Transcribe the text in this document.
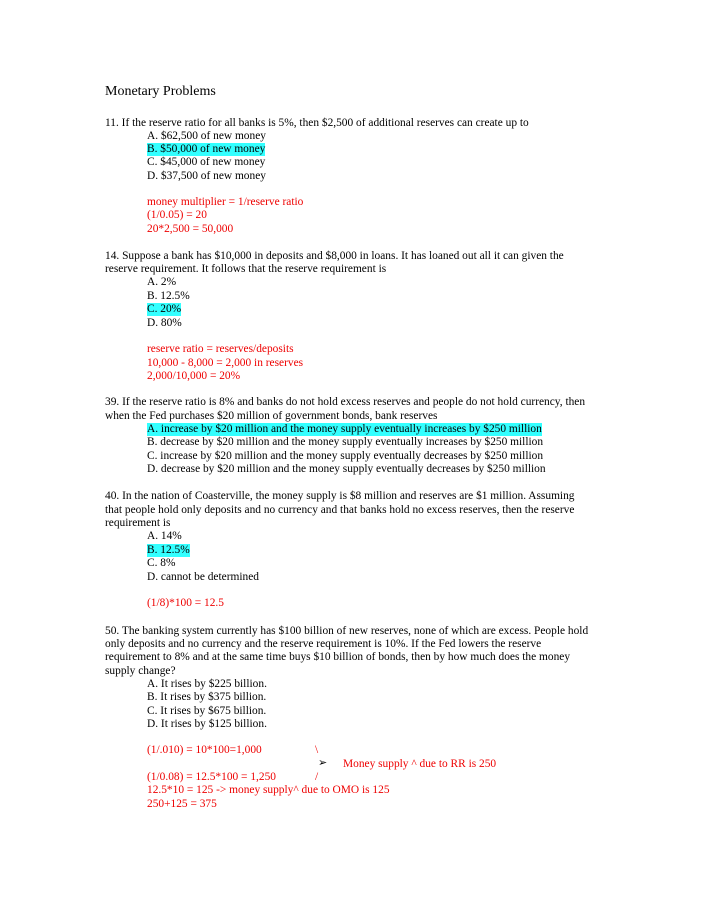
Monetary Problems
11. If the reserve ratio for all banks is 5%, then $2,500 of additional reserves can create up to
A. $62,500 of new money
B. $50,000 of new money
C. $45,000 of new money
D. $37,500 of new money
money multiplier = 1/reserve ratio
(1/0.05) = 20
20*2,500 = 50,000
14. Suppose a bank has $10,000 in deposits and $8,000 in loans. It has loaned out all it can given the
reserve requirement. It follows that the reserve requirement is
A. 2%
B. 12.5%
C. 20%
D. 80%
reserve ratio = reserves/deposits
10,000 - 8,000 = 2,000 in reserves
2,000/10,000 = 20%
39. If the reserve ratio is 8% and banks do not hold excess reserves and people do not hold currency, then
when the Fed purchases $20 million of government bonds, bank reserves
A. increase by $20 million and the money supply eventually increases by $250 million
B. decrease by $20 million and the money supply eventually increases by $250 million
C. increase by $20 million and the money supply eventually decreases by $250 million
D. decrease by $20 million and the money supply eventually decreases by $250 million
40. In the nation of Coasterville, the money supply is $8 million and reserves are $1 million. Assuming
that people hold only deposits and no currency and that banks hold no excess reserves, then the reserve
requirement is
A. 14%
B. 12.5%
C. 8%
D. cannot be determined
(1/8)*100 = 12.5
50. The banking system currently has $100 billion of new reserves, none of which are excess. People hold
only deposits and no currency and the reserve requirement is 10%. If the Fed lowers the reserve
requirement to 8% and at the same time buys $10 billion of bonds, then by how much does the money
supply change?
A. It rises by $225 billion.
B. It rises by $375 billion.
C. It rises by $675 billion.
D. It rises by $125 billion.
(1/.010) = 10*100=1,000	\
➢ Money supply ^ due to RR is 250
(1/0.08) = 12.5*100 = 1,250	/
12.5*10 = 125 -> money supply^ due to OMO is 125
250+125 = 375
